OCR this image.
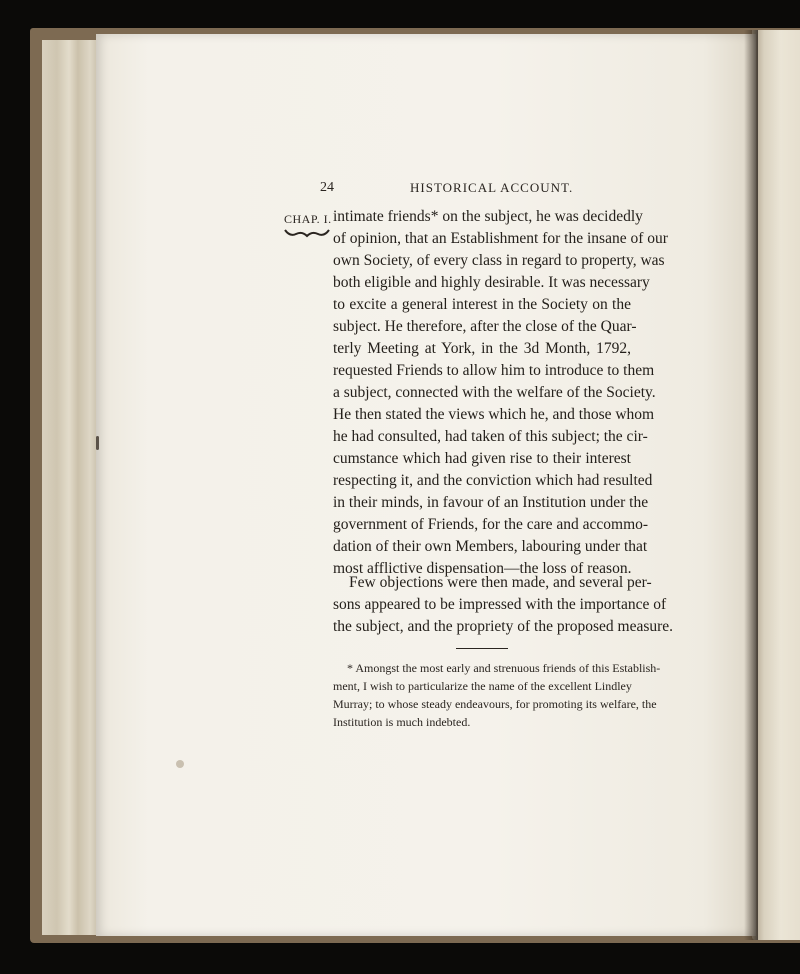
24	HISTORICAL ACCOUNT.
CHAP. I. intimate friends* on the subject, he was decidedly
of opinion, that an Establishment for the insane of our
own Society, of every class in regard to property, was
both eligible and highly desirable. It was necessary
to excite a general interest in the Society on the
subject. He therefore, after the close of the Quar-
terly Meeting at York, in the 3d Month, 1792,
requested Friends to allow him to introduce to them
a subject, connected with the welfare of the Society.
He then stated the views which he, and those whom
he had consulted, had taken of this subject; the cir-
cumstance which had given rise to their interest
respecting it, and the conviction which had resulted
in their minds, in favour of an Institution under the
government of Friends, for the care and accommo-
dation of their own Members, labouring under that
most afflictive dispensation—the loss of reason.
Few objections were then made, and several per-
sons appeared to be impressed with the importance of
the subject, and the propriety of the proposed measure.
* Amongst the most early and strenuous friends of this Establish-
ment, I wish to particularize the name of the excellent Lindley
Murray; to whose steady endeavours, for promoting its welfare, the
Institution is much indebted.
